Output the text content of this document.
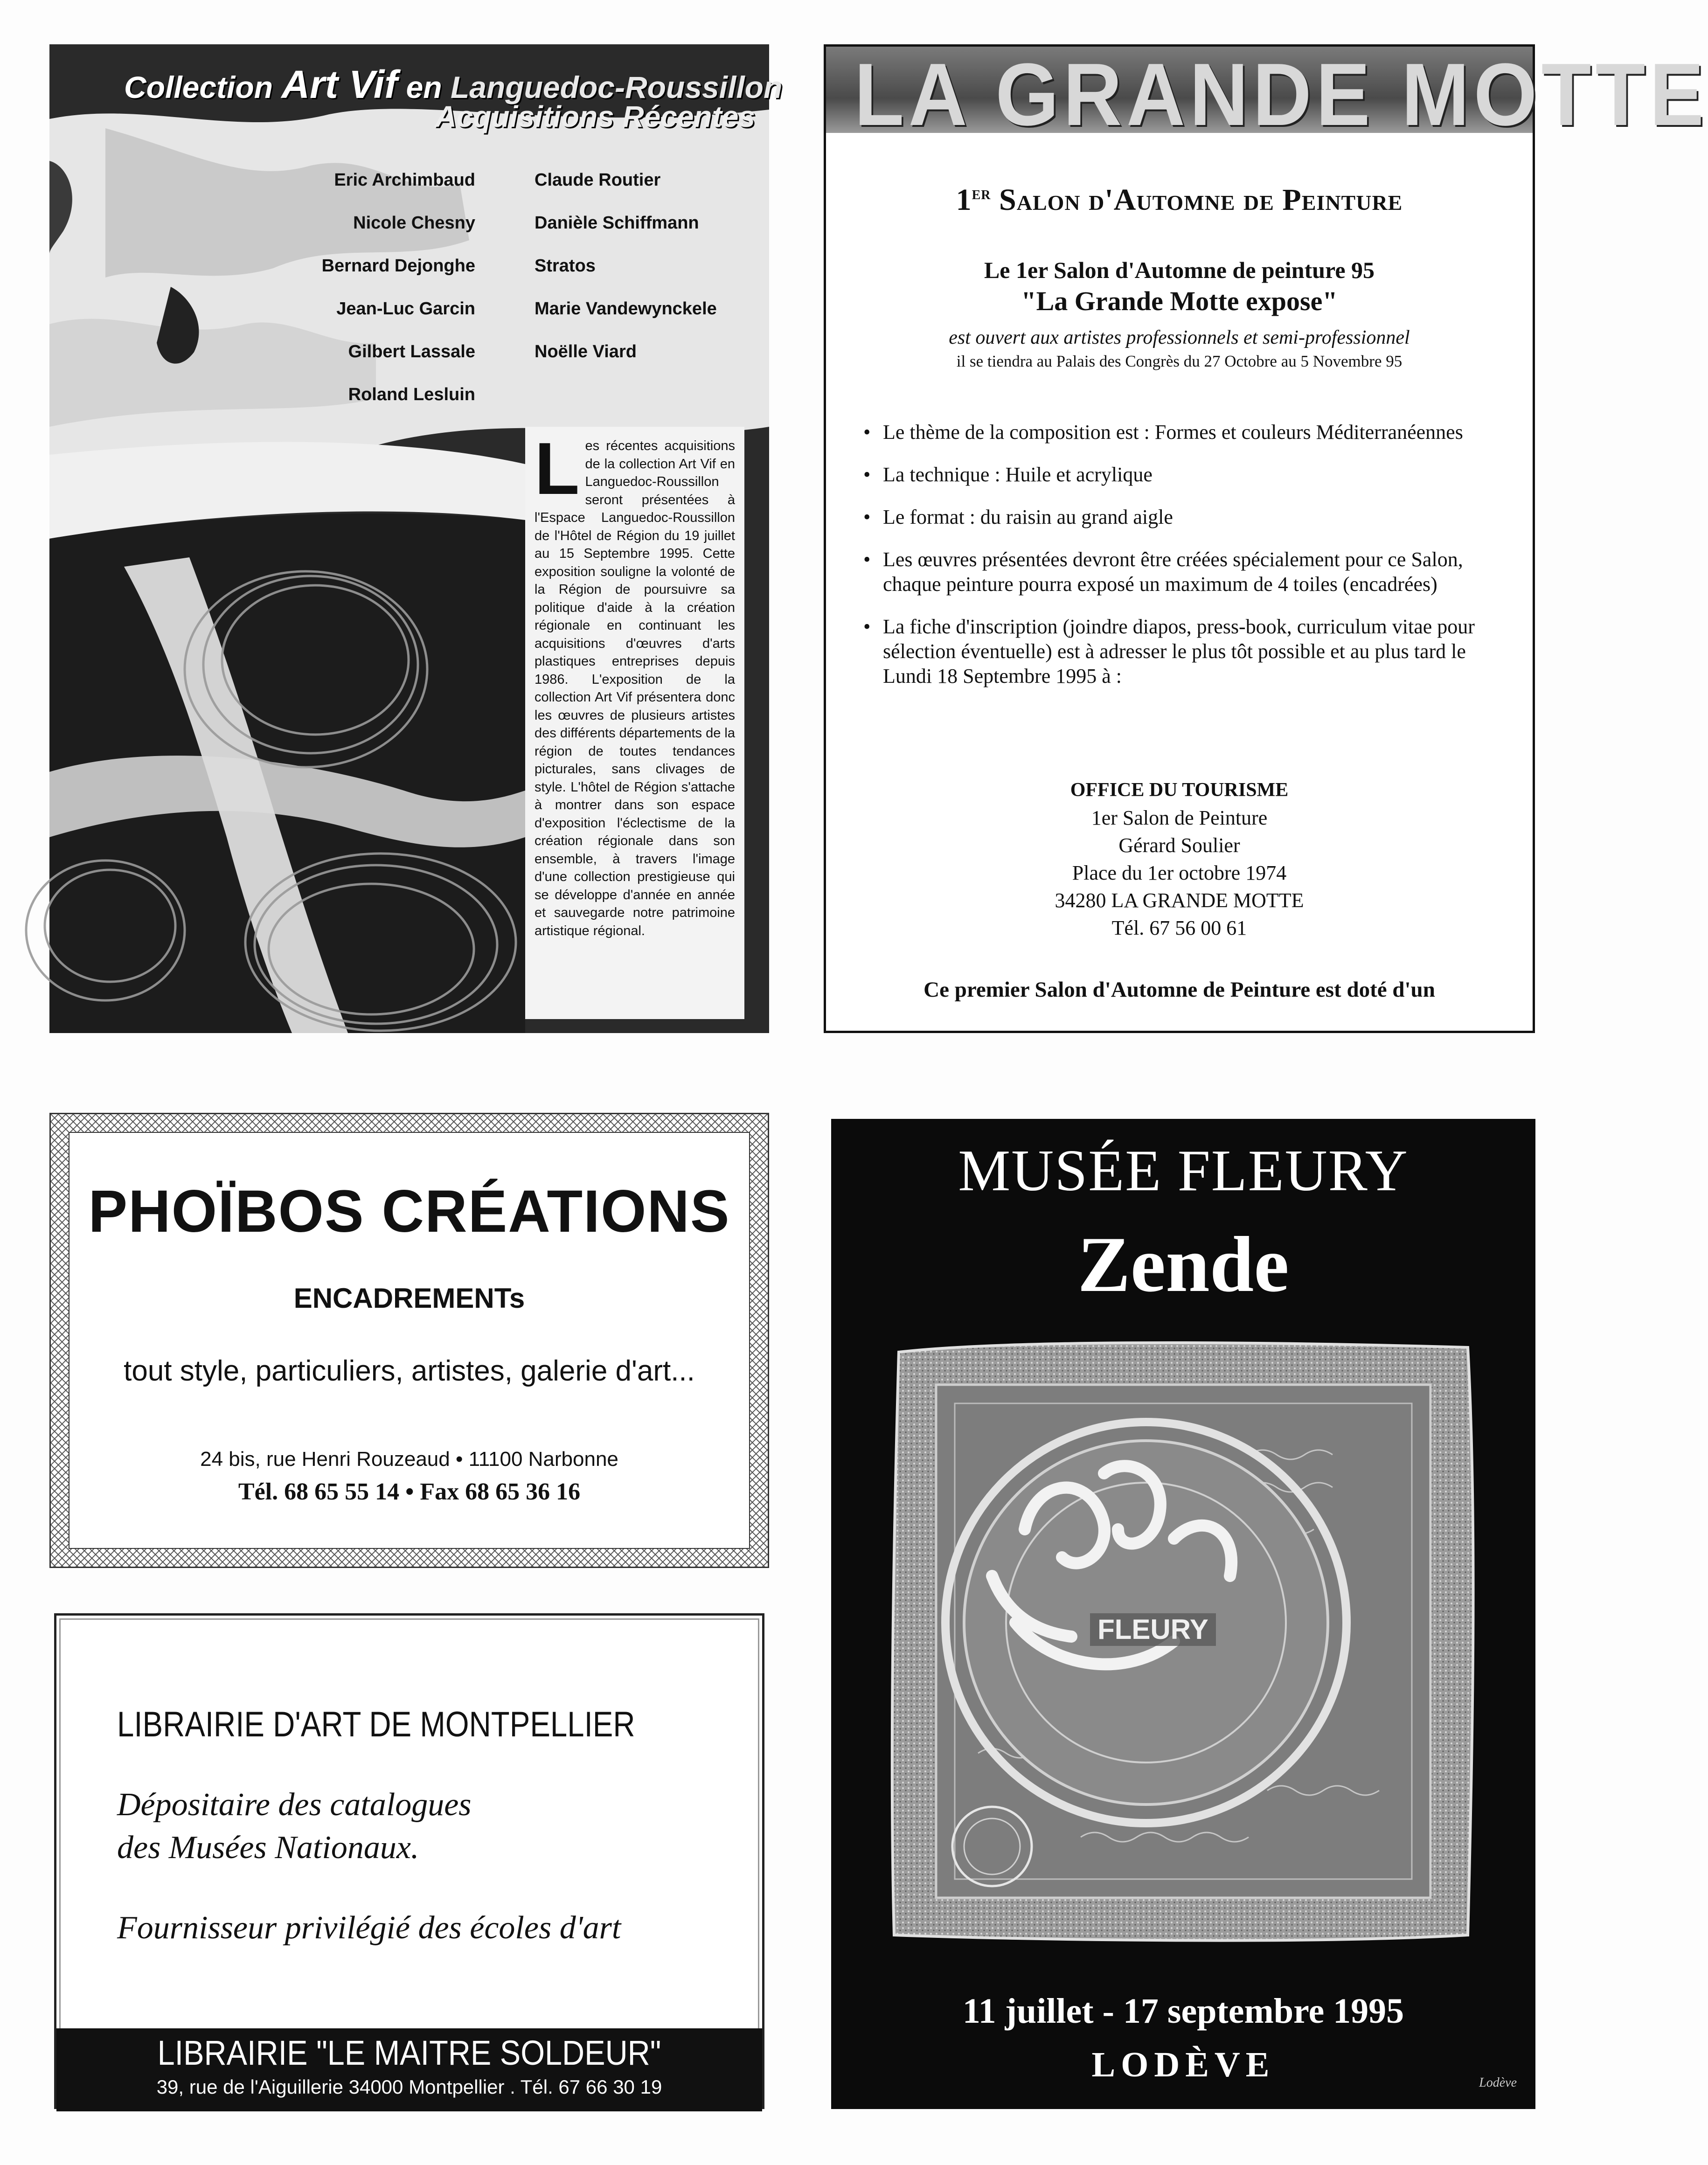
Collection Art Vif en Languedoc-Roussillon
Acquisitions Récentes
Eric Archimbaud
Nicole Chesny
Bernard Dejonghe
Jean-Luc Garcin
Gilbert Lassale
Roland Lesluin
Claude Routier
Danièle Schiffmann
Stratos
Marie Vandewynckele
Noëlle Viard
Les récentes acquisitions de la collection Art Vif en Languedoc-Roussillon seront présentées à l'Espace Languedoc-Roussillon de l'Hôtel de Région du 19 juillet au 15 Septembre 1995. Cette exposition souligne la volonté de la Région de poursuivre sa politique d'aide à la création régionale en continuant les acquisitions d'œuvres d'arts plastiques entreprises depuis 1986. L'exposition de la collection Art Vif présentera donc les œuvres de plusieurs artistes des différents départements de la région de toutes tendances picturales, sans clivages de style. L'hôtel de Région s'attache à montrer dans son espace d'exposition l'éclectisme de la création régionale dans son ensemble, à travers l'image d'une collection prestigieuse qui se développe d'année en année et sauvegarde notre patrimoine artistique régional.
LA GRANDE MOTTE
1er Salon d'Automne de Peinture
Le 1er Salon d'Automne de peinture 95
"La Grande Motte expose"
est ouvert aux artistes professionnels et semi-professionnel
il se tiendra au Palais des Congrès du 27 Octobre au 5 Novembre 95
• Le thème de la composition est : Formes et couleurs Méditerranéennes
• La technique : Huile et acrylique
• Le format : du raisin au grand aigle
• Les œuvres présentées devront être créées spécialement pour ce Salon, chaque peinture pourra exposé un maximum de 4 toiles (encadrées)
• La fiche d'inscription (joindre diapos, press-book, curriculum vitae pour sélection éventuelle) est à adresser le plus tôt possible et au plus tard le Lundi 18 Septembre 1995 à :
OFFICE DU TOURISME
1er Salon de Peinture
Gérard Soulier
Place du 1er octobre 1974
34280 LA GRANDE MOTTE
Tél. 67 56 00 61
Ce premier Salon d'Automne de Peinture est doté d'un
PHOÏBOS CRÉATIONS
ENCADREMENTs
tout style, particuliers, artistes, galerie d'art...
24 bis, rue Henri Rouzeaud • 11100 Narbonne
Tél. 68 65 55 14 • Fax 68 65 36 16
LIBRAIRIE D'ART DE MONTPELLIER
Dépositaire des catalogues
des Musées Nationaux.
Fournisseur privilégié des écoles d'art
LIBRAIRIE "LE MAITRE SOLDEUR"
39, rue de l'Aiguillerie 34000 Montpellier . Tél. 67 66 30 19
MUSÉE FLEURY
Zende
FLEURY
11 juillet - 17 septembre 1995
LODÈVE	Lodève
